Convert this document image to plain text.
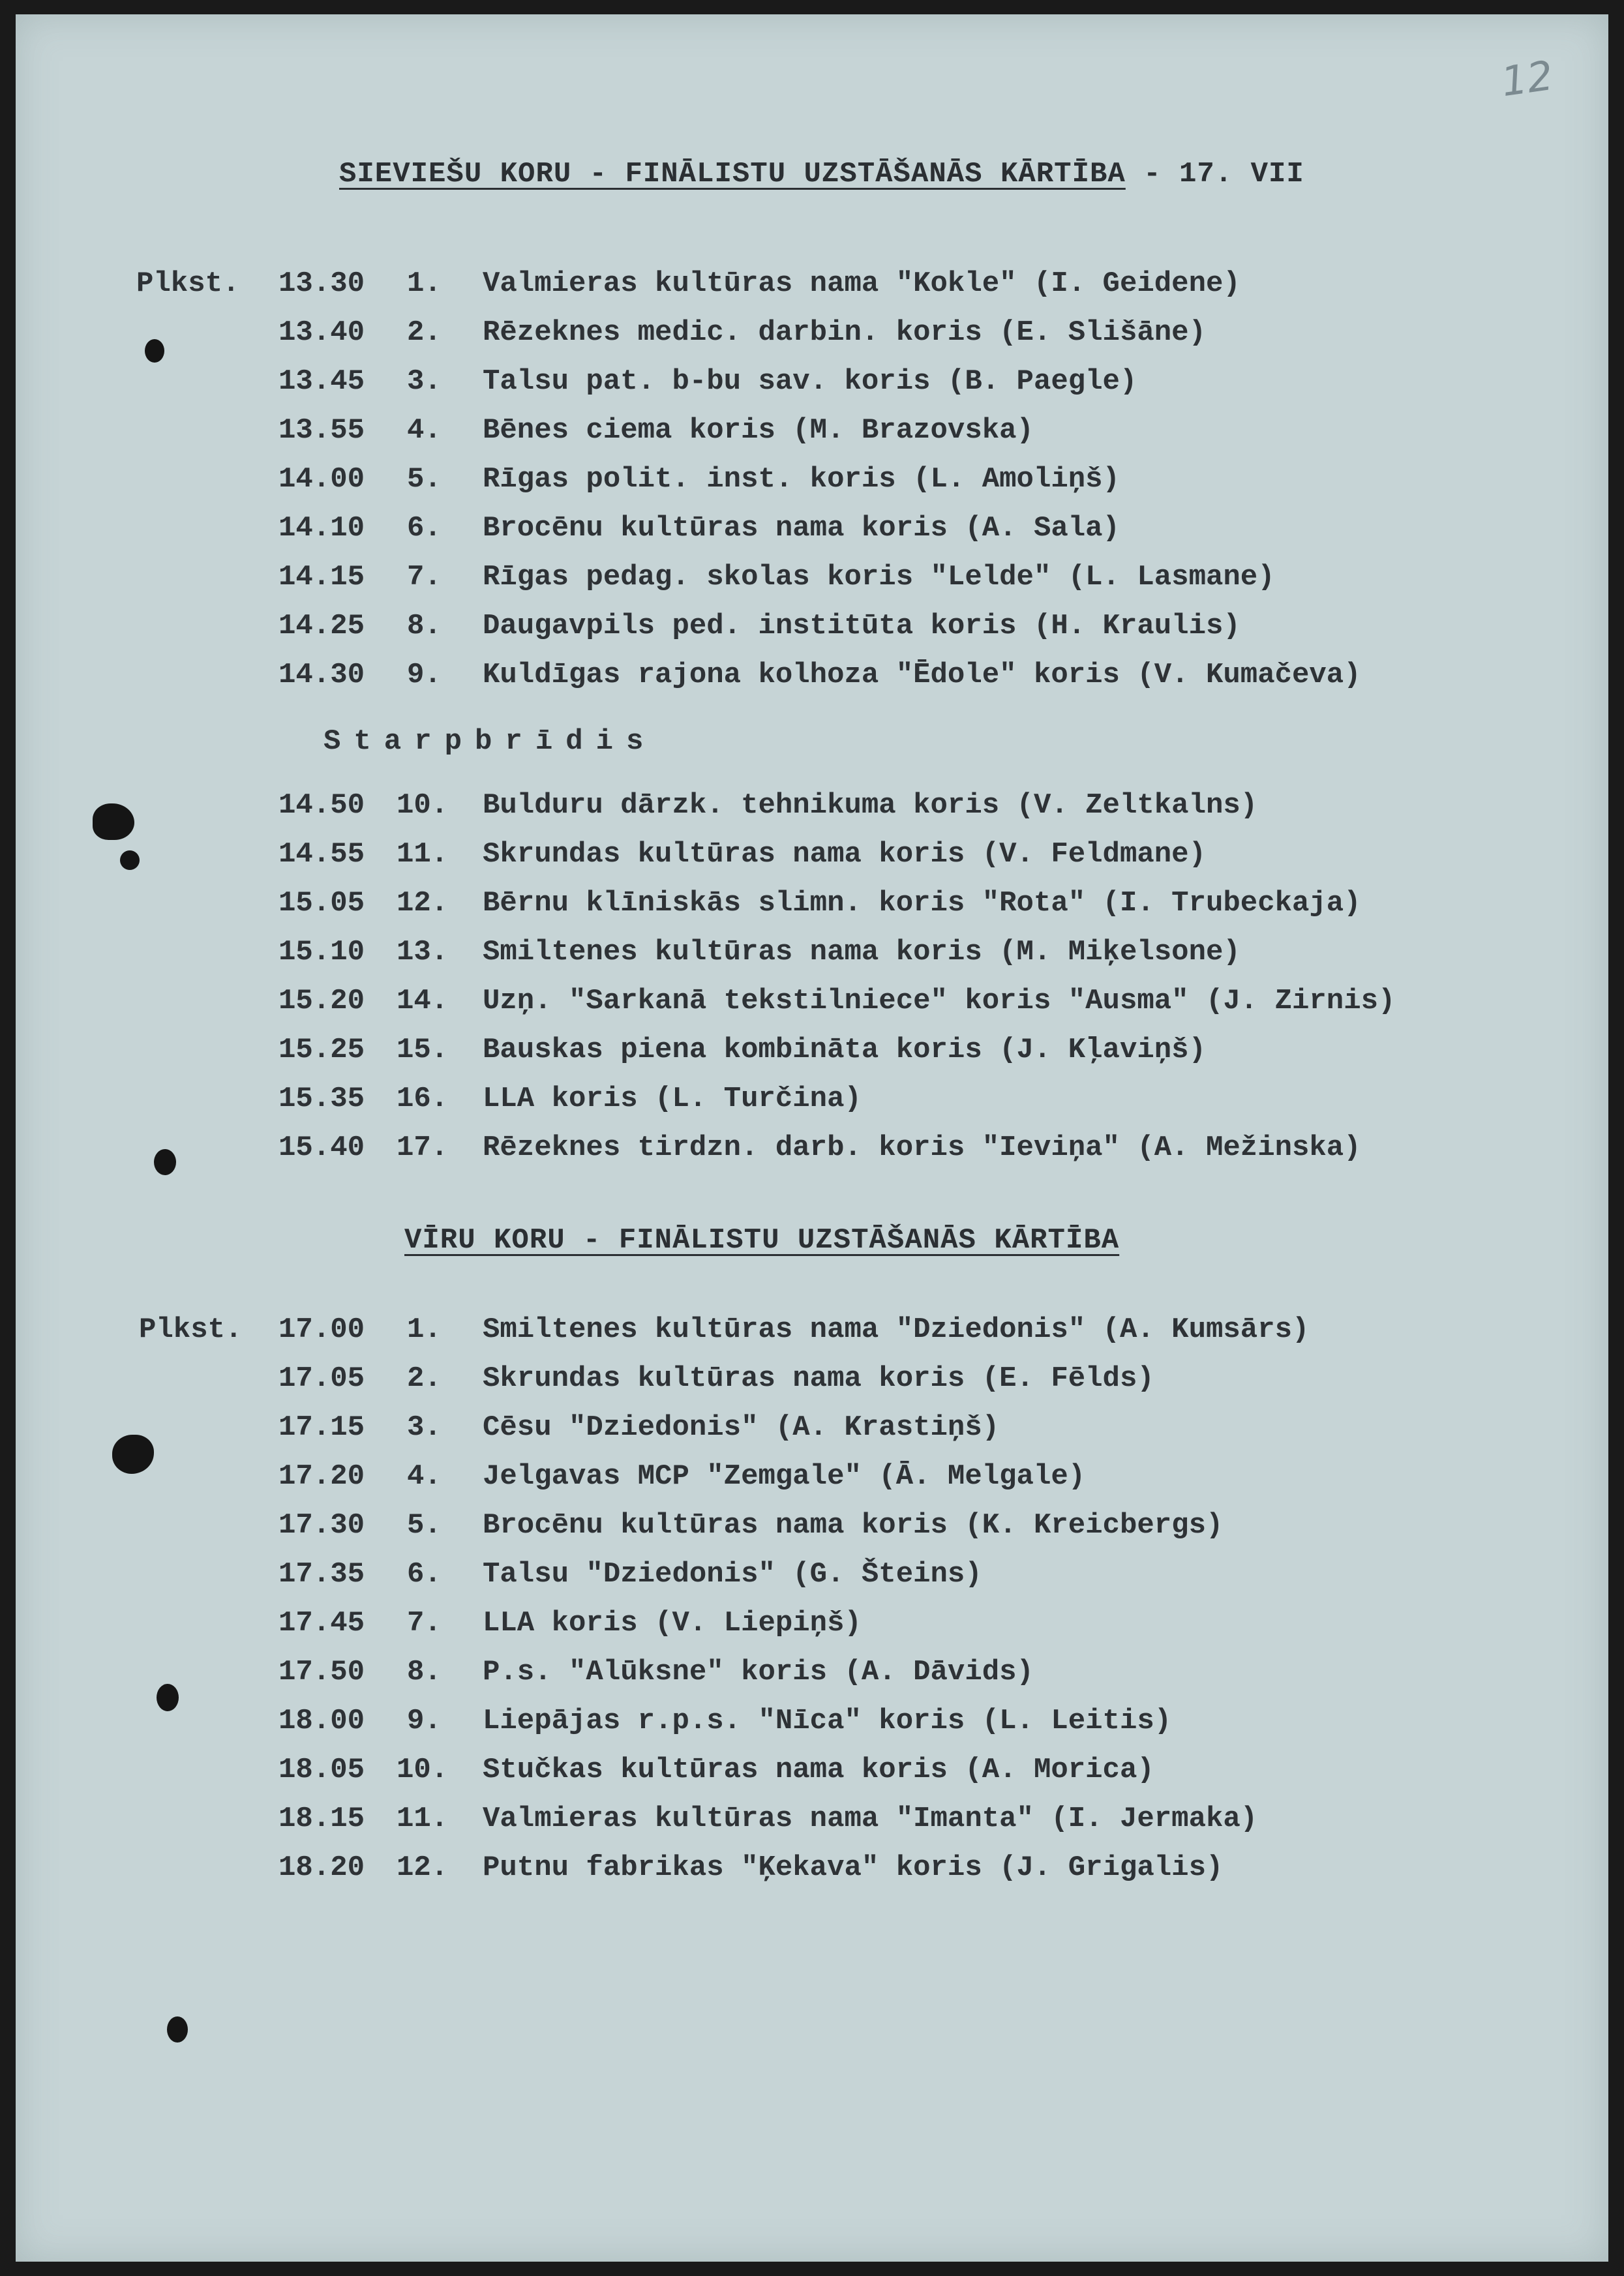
12
SIEVIEŠU KORU - FINĀLISTU UZSTĀŠANĀS KĀRTĪBA - 17. VII
Plkst. 13.30 1. Valmieras kultūras nama "Kokle" (I. Geidene)
13.40 2. Rēzeknes medic. darbin. koris (E. Slišāne)
13.45 3. Talsu pat. b-bu sav. koris (B. Paegle)
13.55 4. Bēnes ciema koris (M. Brazovska)
14.00 5. Rīgas polit. inst. koris (L. Amoliņš)
14.10 6. Brocēnu kultūras nama koris (A. Sala)
14.15 7. Rīgas pedag. skolas koris "Lelde" (L. Lasmane)
14.25 8. Daugavpils ped. institūta koris (H. Kraulis)
14.30 9. Kuldīgas rajona kolhoza "Ēdole" koris (V. Kumačeva)
Starpbrīdis
14.50 10. Bulduru dārzk. tehnikuma koris (V. Zeltkalns)
14.55 11. Skrundas kultūras nama koris (V. Feldmane)
15.05 12. Bērnu klīniskās slimn. koris "Rota" (I. Trubeckaja)
15.10 13. Smiltenes kultūras nama koris (M. Miķelsone)
15.20 14. Uzņ. "Sarkanā tekstilniece" koris "Ausma" (J. Zirnis)
15.25 15. Bauskas piena kombināta koris (J. Kļaviņš)
15.35 16. LLA koris (L. Turčina)
15.40 17. Rēzeknes tirdzn. darb. koris "Ieviņa" (A. Mežinska)
VĪRU KORU - FINĀLISTU UZSTĀŠANĀS KĀRTĪBA
Plkst. 17.00 1. Smiltenes kultūras nama "Dziedonis" (A. Kumsārs)
17.05 2. Skrundas kultūras nama koris (E. Fēlds)
17.15 3. Cēsu "Dziedonis" (A. Krastiņš)
17.20 4. Jelgavas MCP "Zemgale" (Ā. Melgale)
17.30 5. Brocēnu kultūras nama koris (K. Kreicbergs)
17.35 6. Talsu "Dziedonis" (G. Šteins)
17.45 7. LLA koris (V. Liepiņš)
17.50 8. P.s. "Alūksne" koris (A. Dāvids)
18.00 9. Liepājas r.p.s. "Nīca" koris (L. Leitis)
18.05 10. Stučkas kultūras nama koris (A. Morica)
18.15 11. Valmieras kultūras nama "Imanta" (I. Jermaka)
18.20 12. Putnu fabrikas "Ķekava" koris (J. Grigalis)
